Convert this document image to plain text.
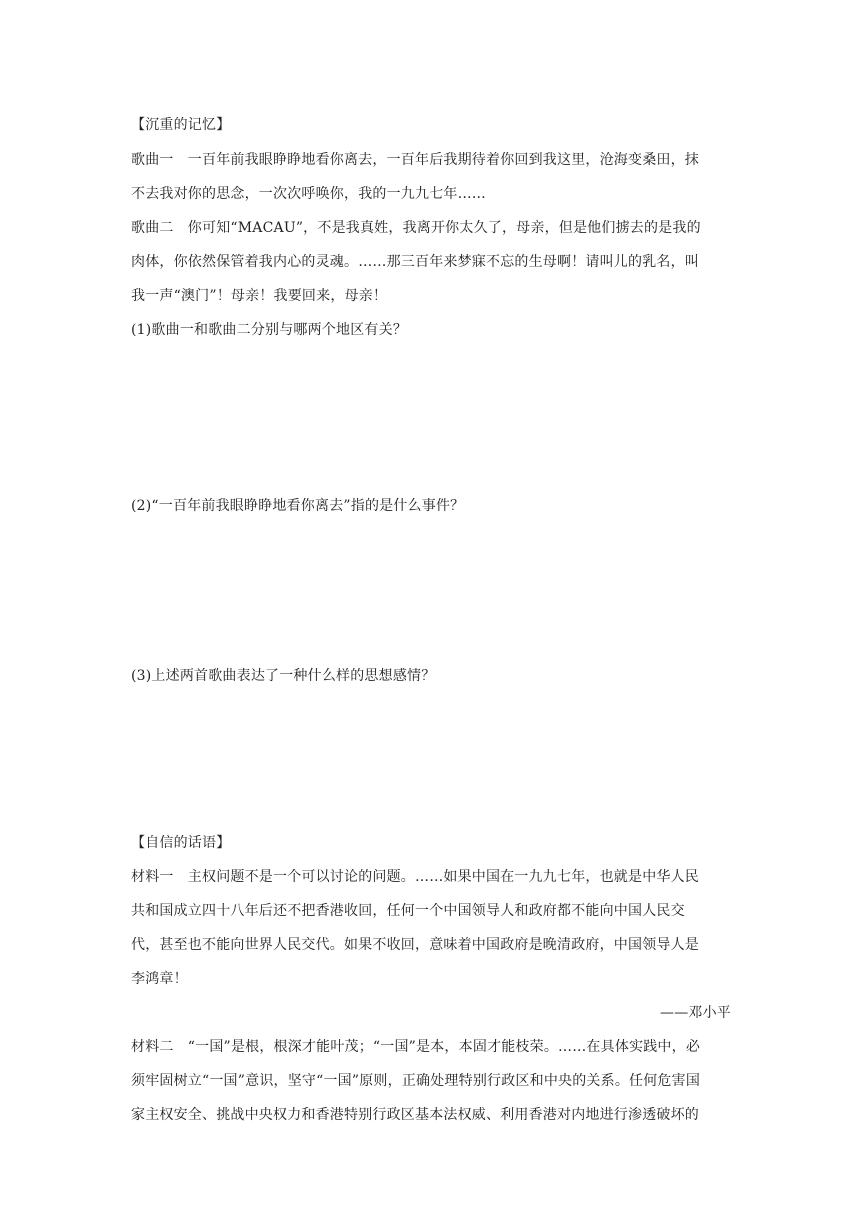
【沉重的记忆】
歌曲一　一百年前我眼睁睁地看你离去，一百年后我期待着你回到我这里，沧海变桑田，抹
不去我对你的思念，一次次呼唤你，我的一九九七年……
歌曲二　你可知“MACAU”，不是我真姓，我离开你太久了，母亲，但是他们掳去的是我的
肉体，你依然保管着我内心的灵魂。……那三百年来梦寐不忘的生母啊！请叫儿的乳名，叫
我一声“澳门”！母亲！我要回来，母亲！
(1)歌曲一和歌曲二分别与哪两个地区有关？
(2)“一百年前我眼睁睁地看你离去”指的是什么事件？
(3)上述两首歌曲表达了一种什么样的思想感情？
【自信的话语】
材料一　主权问题不是一个可以讨论的问题。……如果中国在一九九七年，也就是中华人民
共和国成立四十八年后还不把香港收回，任何一个中国领导人和政府都不能向中国人民交
代，甚至也不能向世界人民交代。如果不收回，意味着中国政府是晚清政府，中国领导人是
李鸿章！
——邓小平
材料二　“一国”是根，根深才能叶茂；“一国”是本，本固才能枝荣。……在具体实践中，必
须牢固树立“一国”意识，坚守“一国”原则，正确处理特别行政区和中央的关系。任何危害国
家主权安全、挑战中央权力和香港特别行政区基本法权威、利用香港对内地进行渗透破坏的
